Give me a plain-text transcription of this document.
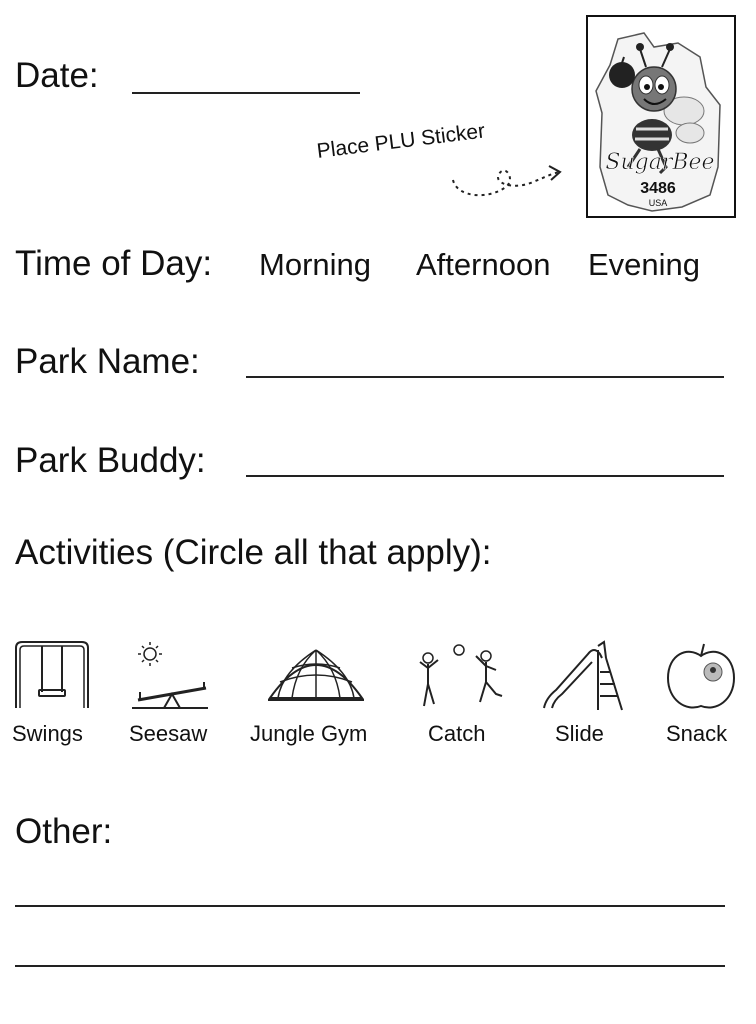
Date:
Place PLU Sticker	SugarBee
3486
USA
Time of Day: Morning Afternoon Evening
Park Name:
Park Buddy:
Activities (Circle all that apply):
Swings Seesaw Jungle Gym	Catch	Slide	Snack
Other:
